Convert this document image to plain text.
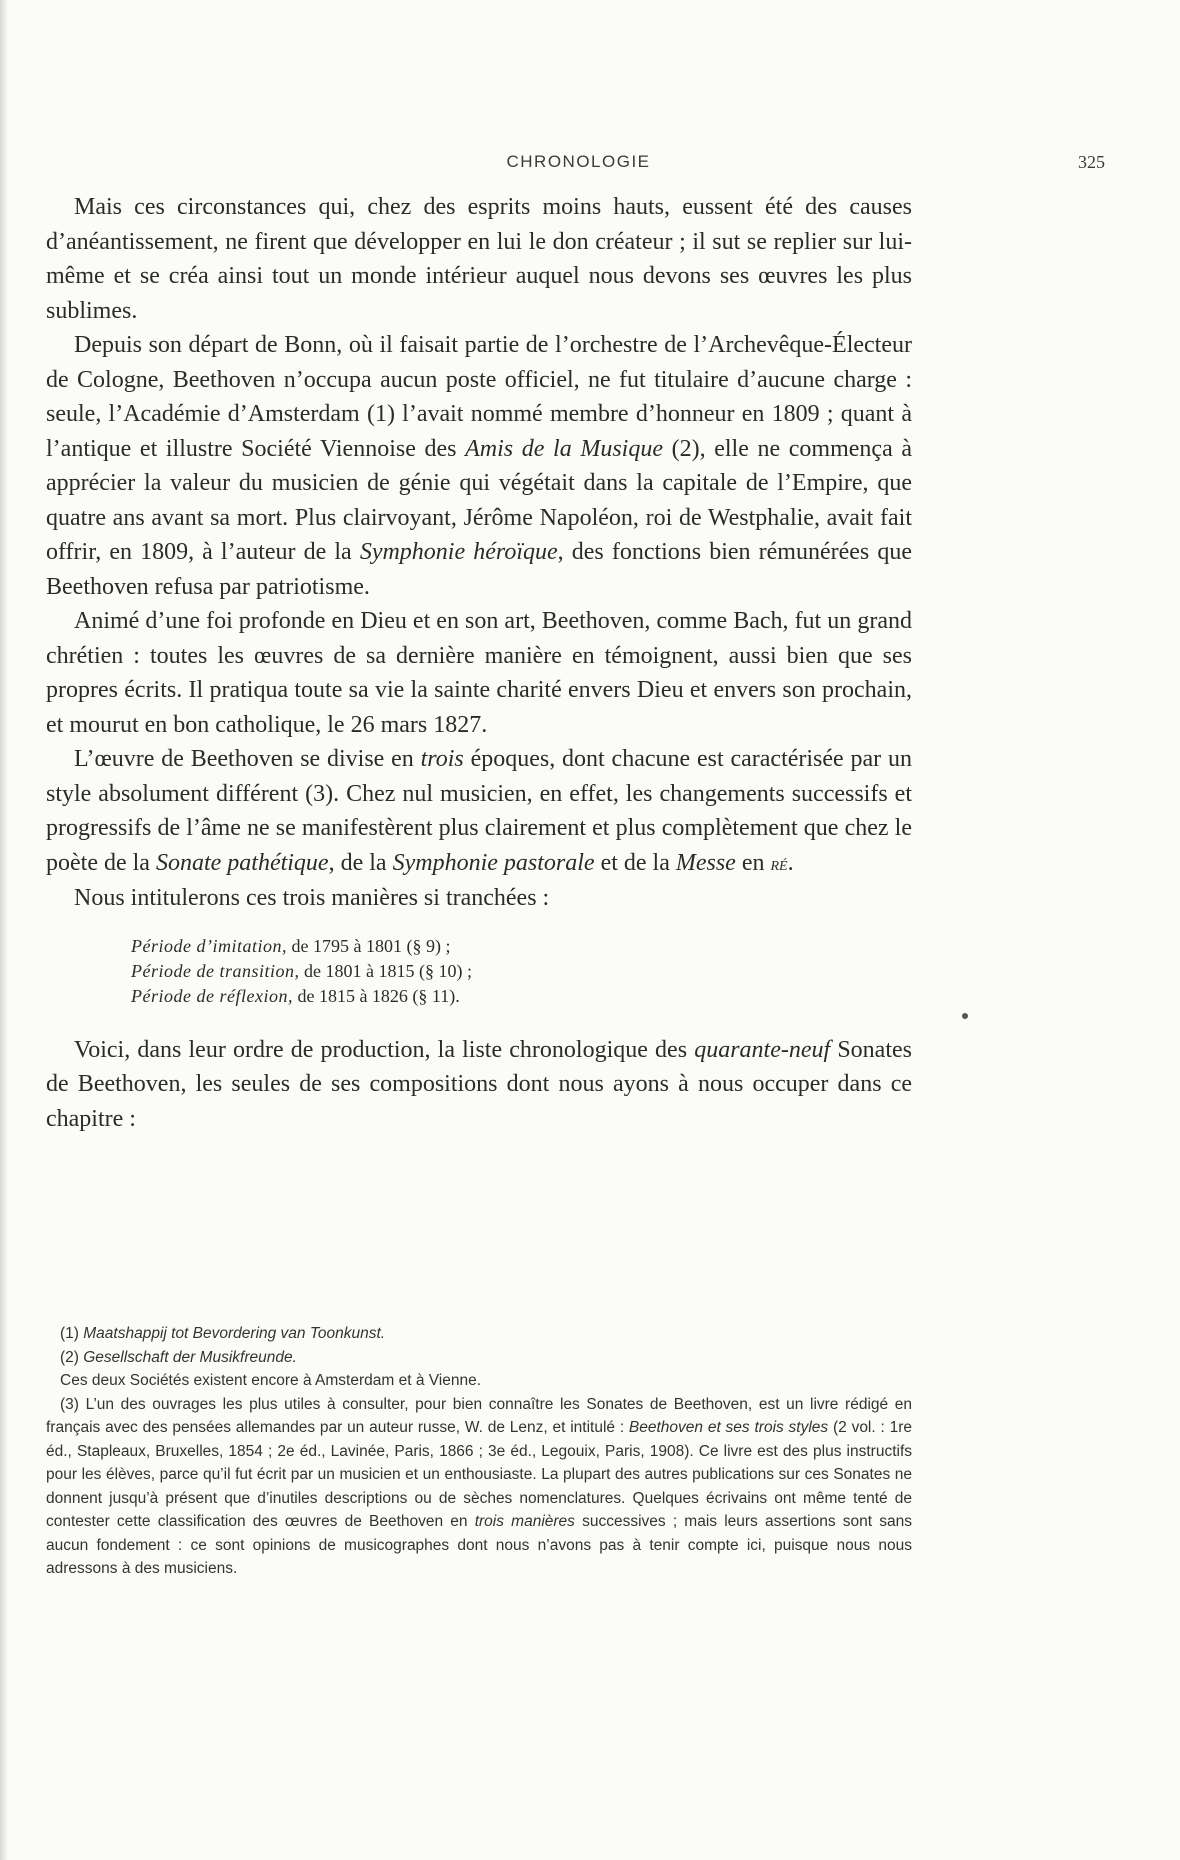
CHRONOLOGIE	325

Mais ces circonstances qui, chez des esprits moins hauts, eussent été des causes d’anéantissement, ne firent que développer en lui le don créateur ; il sut se replier sur lui-même et se créa ainsi tout un monde intérieur auquel nous devons ses œuvres les plus sublimes.

Depuis son départ de Bonn, où il faisait partie de l’orchestre de l’Archevêque-Électeur de Cologne, Beethoven n’occupa aucun poste officiel, ne fut titulaire d’aucune charge : seule, l’Académie d’Amsterdam (1) l’avait nommé membre d’honneur en 1809 ; quant à l’antique et illustre Société Viennoise des Amis de la Musique (2), elle ne commença à apprécier la valeur du musicien de génie qui végétait dans la capitale de l’Empire, que quatre ans avant sa mort. Plus clairvoyant, Jérôme Napoléon, roi de Westphalie, avait fait offrir, en 1809, à l’auteur de la Symphonie héroïque, des fonctions bien rémunérées que Beethoven refusa par patriotisme.

Animé d’une foi profonde en Dieu et en son art, Beethoven, comme Bach, fut un grand chrétien : toutes les œuvres de sa dernière manière en témoignent, aussi bien que ses propres écrits. Il pratiqua toute sa vie la sainte charité envers Dieu et envers son prochain, et mourut en bon catholique, le 26 mars 1827.

L’œuvre de Beethoven se divise en trois époques, dont chacune est caractérisée par un style absolument différent (3). Chez nul musicien, en effet, les changements successifs et progressifs de l’âme ne se manifestèrent plus clairement et plus complètement que chez le poète de la Sonate pathétique, de la Symphonie pastorale et de la Messe en ré.

Nous intitulerons ces trois manières si tranchées :

Période d’imitation, de 1795 à 1801 (§ 9) ;
Période de transition, de 1801 à 1815 (§ 10) ;
Période de réflexion, de 1815 à 1826 (§ 11).

Voici, dans leur ordre de production, la liste chronologique des quarante-neuf Sonates de Beethoven, les seules de ses compositions dont nous ayons à nous occuper dans ce chapitre :

(1) Maatshappij tot Bevordering van Toonkunst.

(2) Gesellschaft der Musikfreunde.

Ces deux Sociétés existent encore à Amsterdam et à Vienne.

(3) L’un des ouvrages les plus utiles à consulter, pour bien connaître les Sonates de Beethoven, est un livre rédigé en français avec des pensées allemandes par un auteur russe, W. de Lenz, et intitulé : Beethoven et ses trois styles (2 vol. : 1re éd., Stapleaux, Bruxelles, 1854 ; 2e éd., Lavinée, Paris, 1866 ; 3e éd., Legouix, Paris, 1908). Ce livre est des plus instructifs pour les élèves, parce qu’il fut écrit par un musicien et un enthousiaste. La plupart des autres publications sur ces Sonates ne donnent jusqu’à présent que d’inutiles descriptions ou de sèches nomenclatures. Quelques écrivains ont même tenté de contester cette classification des œuvres de Beethoven en trois manières successives ; mais leurs assertions sont sans aucun fondement : ce sont opinions de musicographes dont nous n’avons pas à tenir compte ici, puisque nous nous adressons à des musiciens.
